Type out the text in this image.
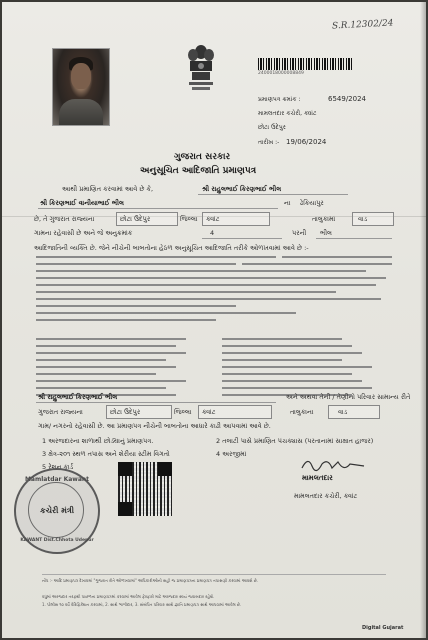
S.R.12302/24
2400018000008849
પ્રમાણપત્ર ક્રમાંક :	6549/2024
મામલતદાર કચેરી, ક્વાંટ
છોટા ઉદેપુર
તારીખ :- 19/06/2024
ગુજરાત સરકાર
અનુસૂચિત આદિજાતિ પ્રમાણપત્ર
આથી પ્રમાણિત કરવામાં આવે છે કે,	શ્રી રાહુલભાઈ કિરણભાઈ ભીલ
શ્રી કિરણભાઈ વાનીયાભાઈ ભીલ	ના ઢેકિયાપુર
છે, તે ગુજરાત રાજ્યના	છોટા ઉદેપુર	જિલ્લા ક્વાંટ	તાલુકામાં	વાડ
ગામના રહેવાસી છે અને જે અનુક્રમાંક	4	પરની ભીલ
આદિજાતિની વ્યક્તિ છે. જેને નીચેની બાબતોના હેઠળ અનુસૂચિત આદિજાતિ તરીકે ઓળખવામાં આવે છે :-
શ્રી રાહુલભાઈ કિરણભાઈ ભીલ	અને અથવા તેની / તેણીનો પરિવાર સામાન્ય રીતે
ગુજરાત રાજ્યના	છોટા ઉદેપુર	જિલ્લા ક્વાંટ	તાલુકાના	વાડ
ગામ/ નગરનો રહેવાસી છે. આ પ્રમાણપત્ર નીચેની બાબતોના આધારે કાઢી આપવામાં આવે છે.
1 અરજદારના શાળાથી છોડ્યાનું પ્રમાણપત્ર.	2 તલાટી પાસે પ્રમાણિત પંચક્યાસ (પરતાનામાં સાક્ષાત હાજર)
3 ક્ષેત્ર-૨૦૧ સ્થળ તપાસ અને શેરીયા સ્ટીમ વિગતો	4 અરજીમાં
5 રેશન કાર્ડ
Mamlatdar Kawant
કચેરી મંત્રી
KAWANT Dist.Chhota Udepur
મામલતદાર
મામલતદાર કચેરી, ક્વાંટ
નોંધ :- આદિ પ્રમાણપત્ર દેખાવમાં "ગુજરાત રીતે ઓળખવામાં" અધિકારીઓની સહી જ પ્રમાણપત્રના પ્રમાણપત્ર તપાસણી કરવામાં આવશે છે.
વધુમાં અરજદાર તરફથી પાછળના પ્રમાણપત્રમાં કરવામાં આવેલ ફેરફારો માટે અરજદાર સ્વયં જવાબદાર રહેશે.
1. પોલીસ ૧૦ વર્ષે વેરિફિકેશન કરવામાં, 2. સાથે ભાગીદાર, 3. સંબંધિત પરિવાર સાથે જ્ઞાતિ પ્રમાણપત્ર સાથે આપવામાં આવેલ છે.
Digital Gujarat
